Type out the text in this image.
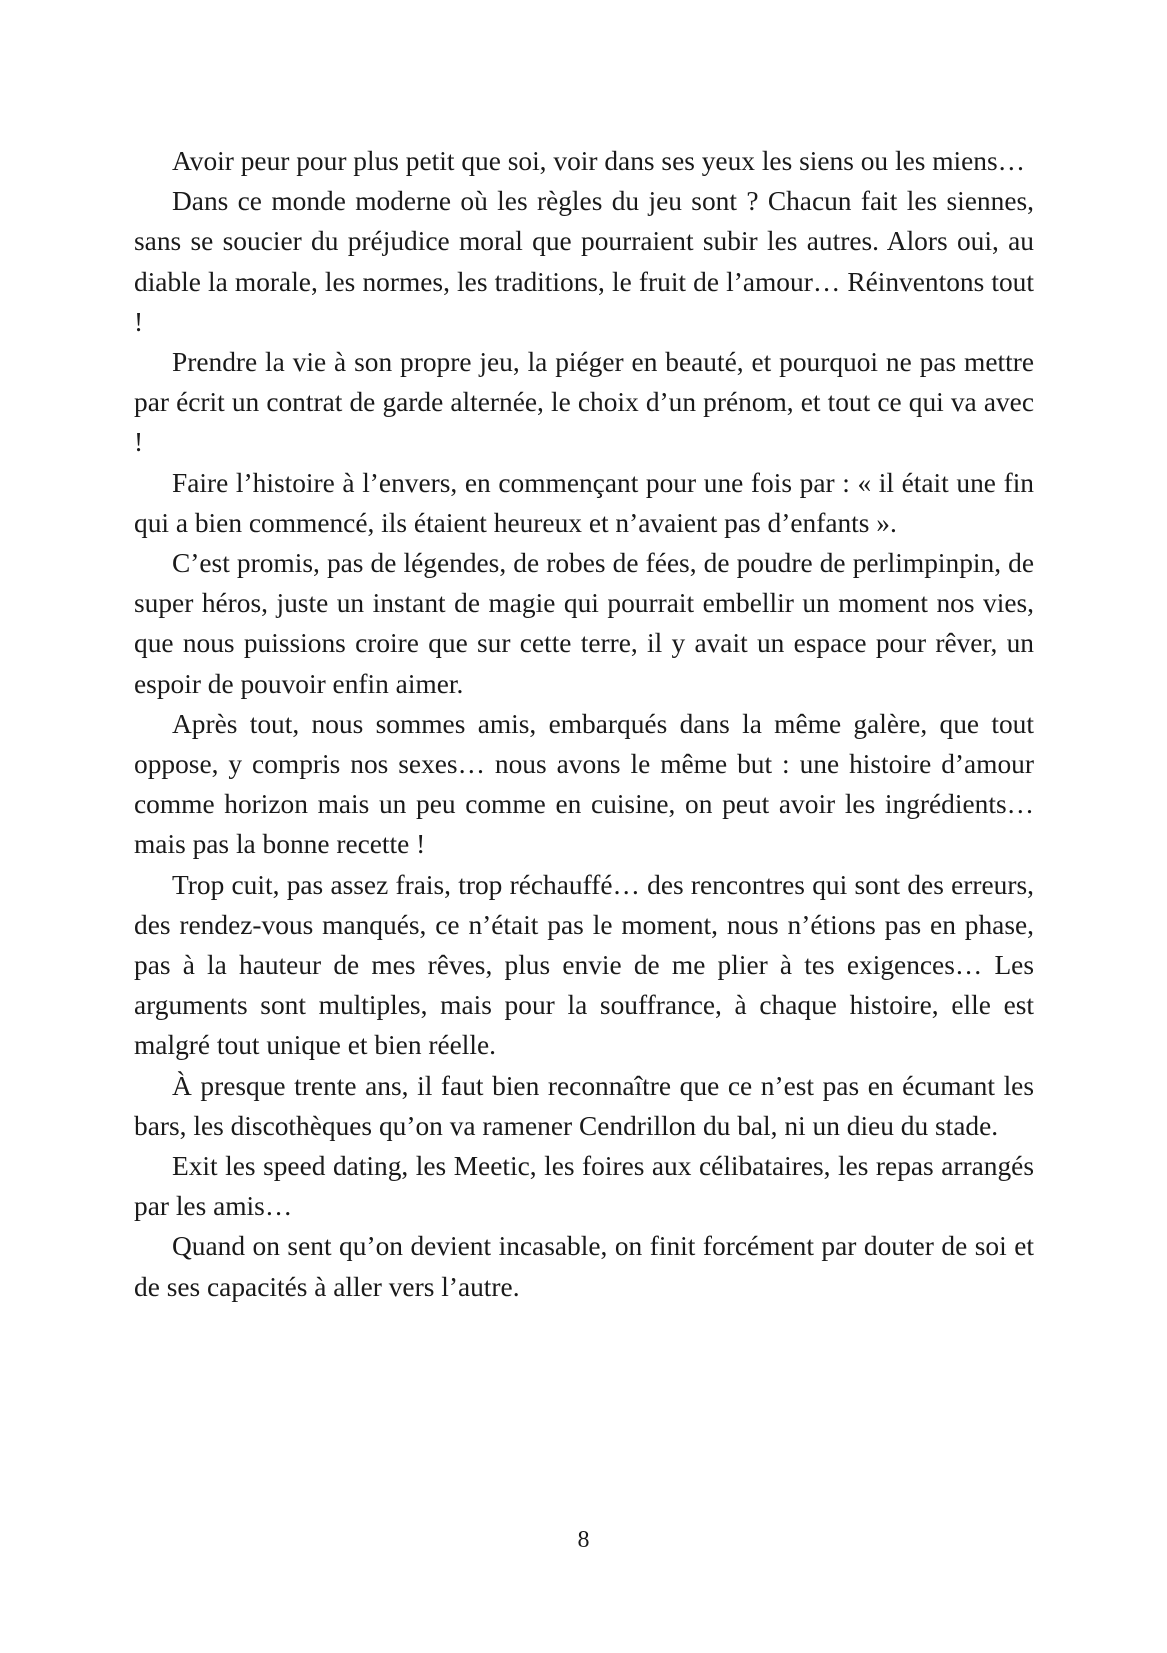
Avoir peur pour plus petit que soi, voir dans ses yeux les siens ou les miens…

Dans ce monde moderne où les règles du jeu sont ? Chacun fait les siennes, sans se soucier du préjudice moral que pourraient subir les autres. Alors oui, au diable la morale, les normes, les traditions, le fruit de l’amour… Réinventons tout !

Prendre la vie à son propre jeu, la piéger en beauté, et pourquoi ne pas mettre par écrit un contrat de garde alternée, le choix d’un prénom, et tout ce qui va avec !

Faire l’histoire à l’envers, en commençant pour une fois par : « il était une fin qui a bien commencé, ils étaient heureux et n’avaient pas d’enfants ».

C’est promis, pas de légendes, de robes de fées, de poudre de perlimpinpin, de super héros, juste un instant de magie qui pourrait embellir un moment nos vies, que nous puissions croire que sur cette terre, il y avait un espace pour rêver, un espoir de pouvoir enfin aimer.

Après tout, nous sommes amis, embarqués dans la même galère, que tout oppose, y compris nos sexes… nous avons le même but : une histoire d’amour comme horizon mais un peu comme en cuisine, on peut avoir les ingrédients… mais pas la bonne recette !

Trop cuit, pas assez frais, trop réchauffé… des rencontres qui sont des erreurs, des rendez-vous manqués, ce n’était pas le moment, nous n’étions pas en phase, pas à la hauteur de mes rêves, plus envie de me plier à tes exigences… Les arguments sont multiples, mais pour la souffrance, à chaque histoire, elle est malgré tout unique et bien réelle.

À presque trente ans, il faut bien reconnaître que ce n’est pas en écumant les bars, les discothèques qu’on va ramener Cendrillon du bal, ni un dieu du stade.

Exit les speed dating, les Meetic, les foires aux célibataires, les repas arrangés par les amis…

Quand on sent qu’on devient incasable, on finit forcément par douter de soi et de ses capacités à aller vers l’autre.

8
